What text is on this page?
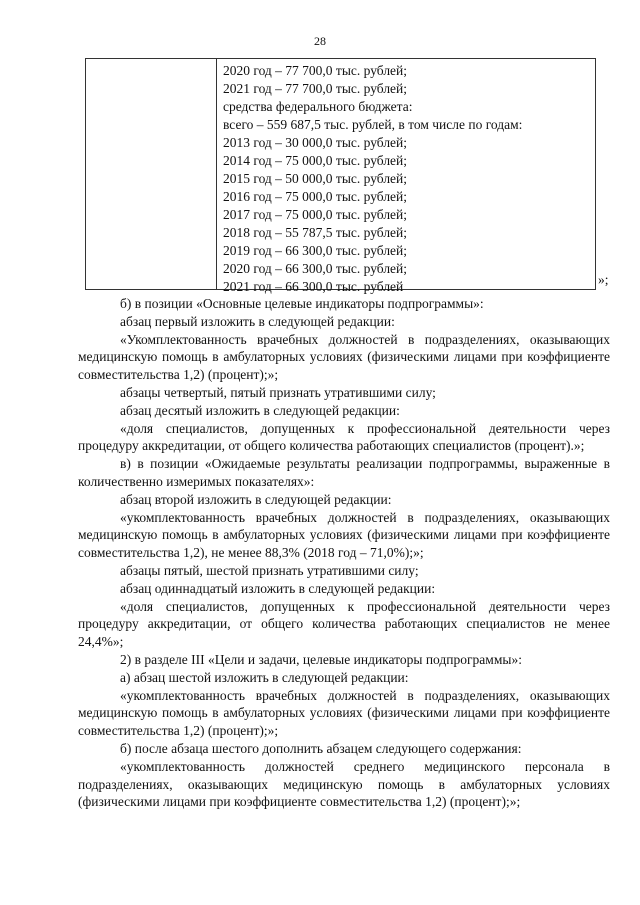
28
2020 год – 77 700,0 тыс. рублей;
2021 год – 77 700,0 тыс. рублей;
средства федерального бюджета:
всего – 559 687,5 тыс. рублей, в том числе по годам:
2013 год – 30 000,0 тыс. рублей;
2014 год – 75 000,0 тыс. рублей;
2015 год – 50 000,0 тыс. рублей;
2016 год – 75 000,0 тыс. рублей;
2017 год – 75 000,0 тыс. рублей;
2018 год – 55 787,5 тыс. рублей;
2019 год – 66 300,0 тыс. рублей;
2020 год – 66 300,0 тыс. рублей;
2021 год – 66 300,0 тыс. рублей	»;

б) в позиции «Основные целевые индикаторы подпрограммы»:

абзац первый изложить в следующей редакции:

«Укомплектованность врачебных должностей в подразделениях, оказывающих медицинскую помощь в амбулаторных условиях (физическими лицами при коэффициенте совместительства 1,2) (процент);»;

абзацы четвертый, пятый признать утратившими силу;

абзац десятый изложить в следующей редакции:

«доля специалистов, допущенных к профессиональной деятельности через процедуру аккредитации, от общего количества работающих специалистов (процент).»;

в) в позиции «Ожидаемые результаты реализации подпрограммы, выраженные в количественно измеримых показателях»:

абзац второй изложить в следующей редакции:

«укомплектованность врачебных должностей в подразделениях, оказывающих медицинскую помощь в амбулаторных условиях (физическими лицами при коэффициенте совместительства 1,2), не менее 88,3% (2018 год – 71,0%);»;

абзацы пятый, шестой признать утратившими силу;

абзац одиннадцатый изложить в следующей редакции:

«доля специалистов, допущенных к профессиональной деятельности через процедуру аккредитации, от общего количества работающих специалистов не менее 24,4%»;

2) в разделе III «Цели и задачи, целевые индикаторы подпрограммы»:

а) абзац шестой изложить в следующей редакции:

«укомплектованность врачебных должностей в подразделениях, оказывающих медицинскую помощь в амбулаторных условиях (физическими лицами при коэффициенте совместительства 1,2) (процент);»;

б) после абзаца шестого дополнить абзацем следующего содержания:

«укомплектованность должностей среднего медицинского персонала в подразделениях, оказывающих медицинскую помощь в амбулаторных условиях (физическими лицами при коэффициенте совместительства 1,2) (процент);»;
